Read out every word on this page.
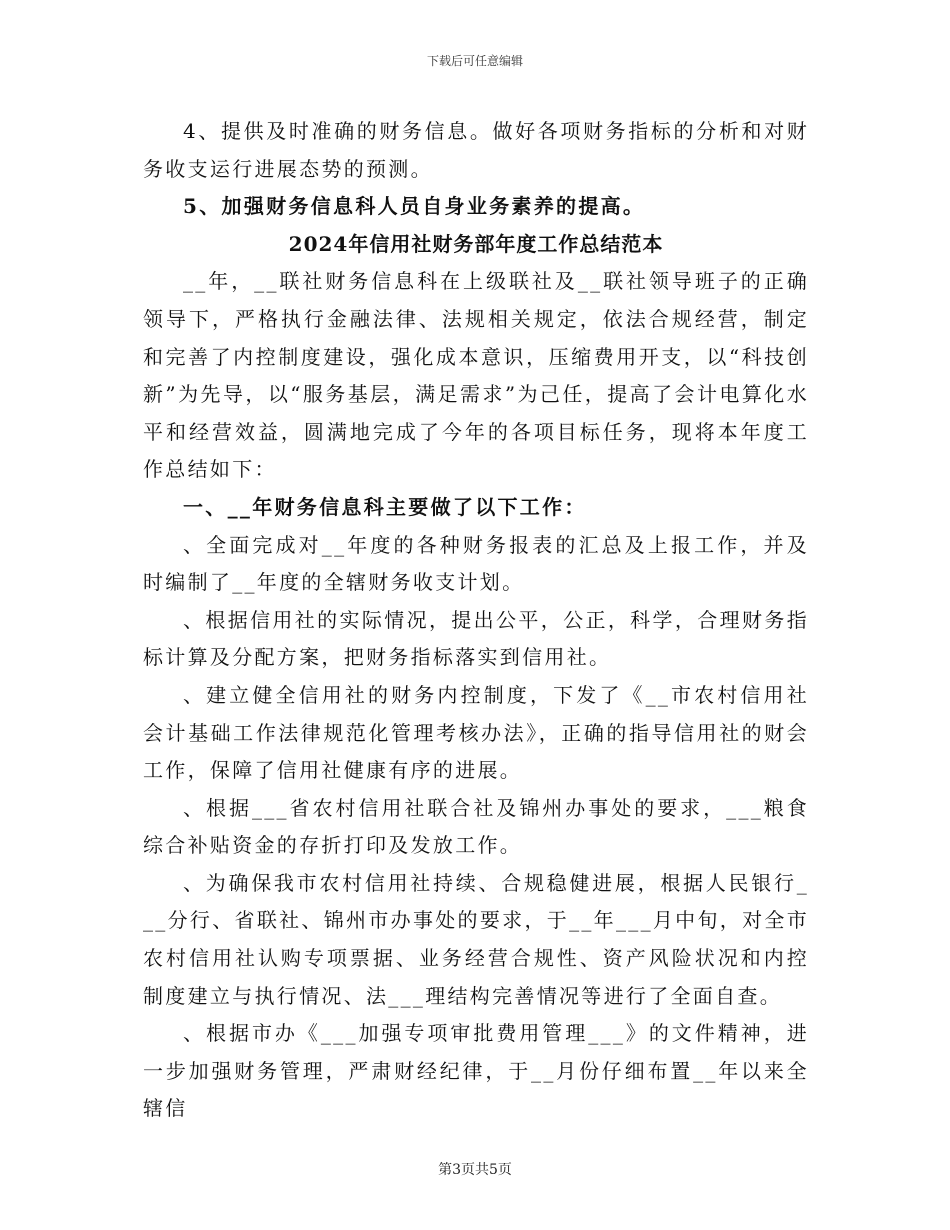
下载后可任意编辑

4、提供及时准确的财务信息。做好各项财务指标的分析和对财务收支运行进展态势的预测。

5、加强财务信息科人员自身业务素养的提高。

2024年信用社财务部年度工作总结范本

__年，__联社财务信息科在上级联社及__联社领导班子的正确领导下，严格执行金融法律、法规相关规定，依法合规经营，制定和完善了内控制度建设，强化成本意识，压缩费用开支，以“科技创新”为先导，以“服务基层，满足需求”为己任，提高了会计电算化水平和经营效益，圆满地完成了今年的各项目标任务，现将本年度工作总结如下：

一、__年财务信息科主要做了以下工作：

、全面完成对__年度的各种财务报表的汇总及上报工作，并及时编制了__年度的全辖财务收支计划。

、根据信用社的实际情况，提出公平，公正，科学，合理财务指标计算及分配方案，把财务指标落实到信用社。

、建立健全信用社的财务内控制度，下发了《__市农村信用社会计基础工作法律规范化管理考核办法》，正确的指导信用社的财会工作，保障了信用社健康有序的进展。

、根据___省农村信用社联合社及锦州办事处的要求，___粮食综合补贴资金的存折打印及发放工作。

、为确保我市农村信用社持续、合规稳健进展，根据人民银行___分行、省联社、锦州市办事处的要求，于__年___月中旬，对全市农村信用社认购专项票据、业务经营合规性、资产风险状况和内控制度建立与执行情况、法___理结构完善情况等进行了全面自查。

、根据市办《___加强专项审批费用管理___》的文件精神，进一步加强财务管理，严肃财经纪律，于__月份仔细布置__年以来全辖信

第3页共5页
